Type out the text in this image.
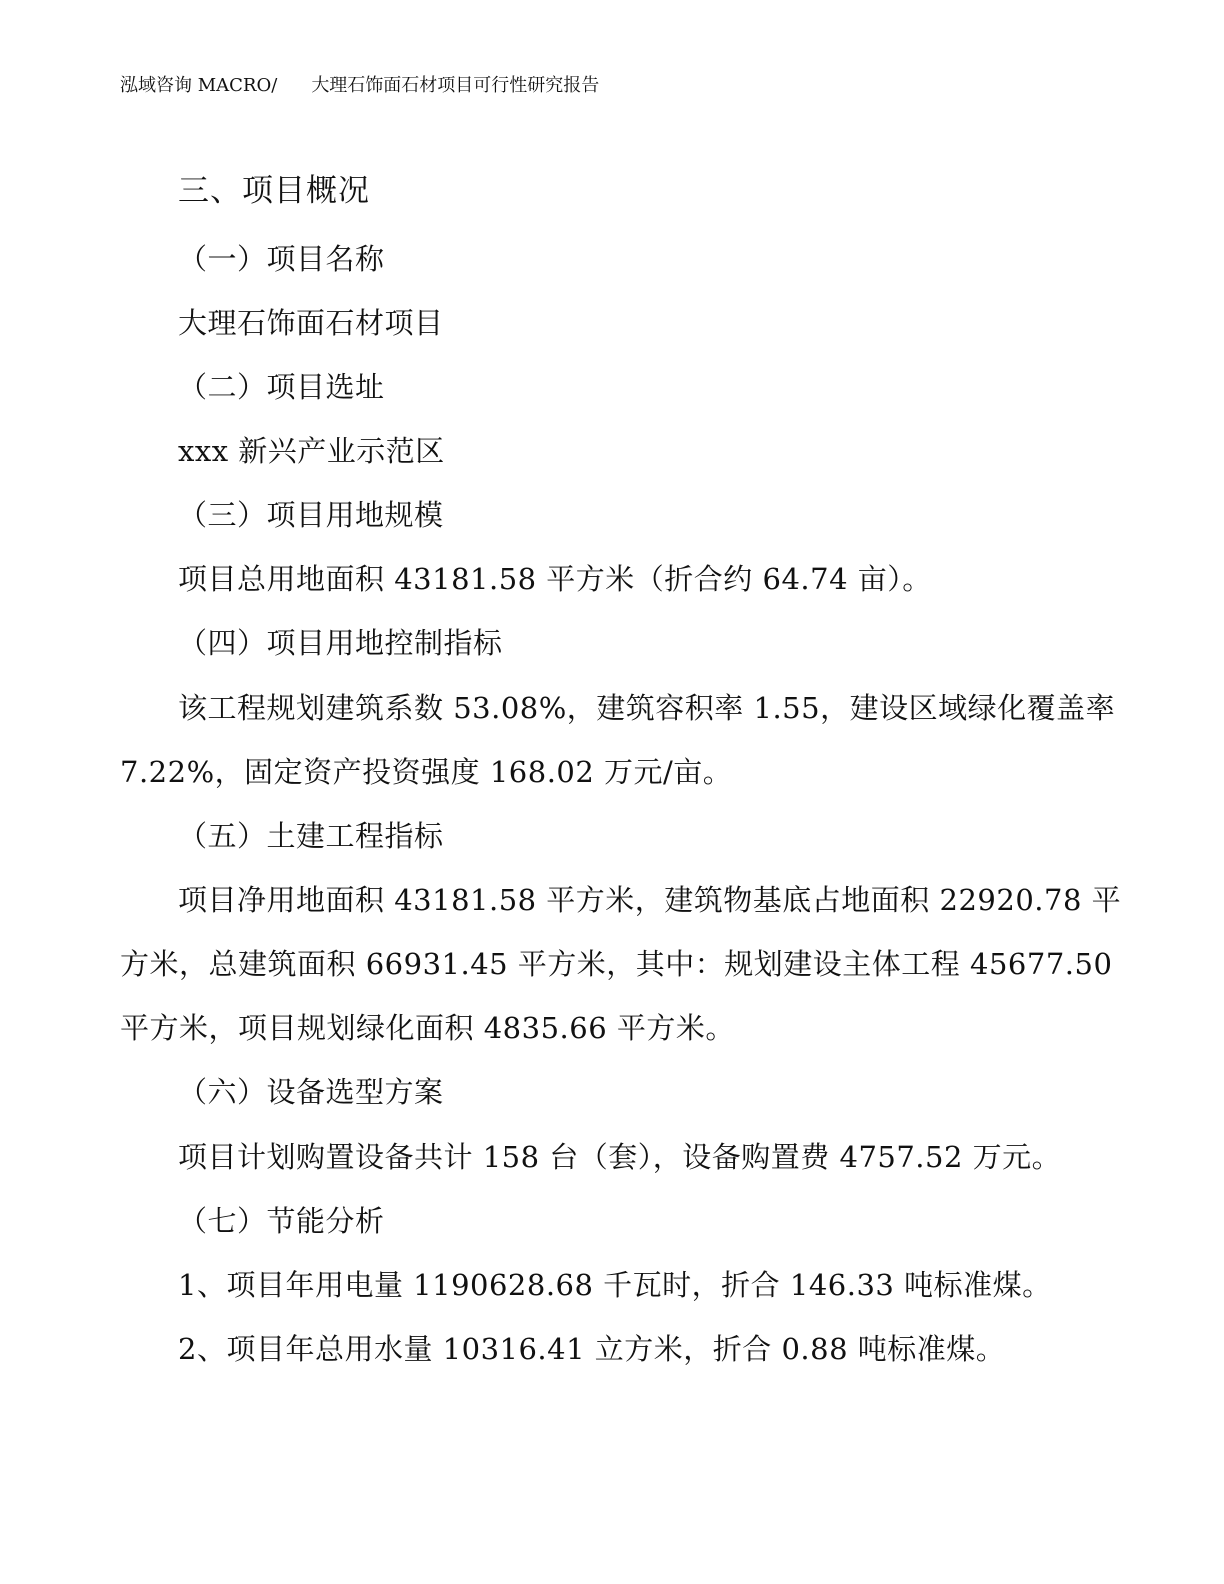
泓域咨询 MACRO/ 大理石饰面石材项目可行性研究报告
三、项目概况
（一）项目名称
大理石饰面石材项目
（二）项目选址
xxx 新兴产业示范区
（三）项目用地规模
项目总用地面积 43181.58 平方米（折合约 64.74 亩）。
（四）项目用地控制指标
该工程规划建筑系数 53.08%，建筑容积率 1.55，建设区域绿化覆盖率
7.22%，固定资产投资强度 168.02 万元/亩。
（五）土建工程指标
项目净用地面积 43181.58 平方米，建筑物基底占地面积 22920.78 平
方米，总建筑面积 66931.45 平方米，其中：规划建设主体工程 45677.50
平方米，项目规划绿化面积 4835.66 平方米。
（六）设备选型方案
项目计划购置设备共计 158 台（套），设备购置费 4757.52 万元。
（七）节能分析
1、项目年用电量 1190628.68 千瓦时，折合 146.33 吨标准煤。
2、项目年总用水量 10316.41 立方米，折合 0.88 吨标准煤。
